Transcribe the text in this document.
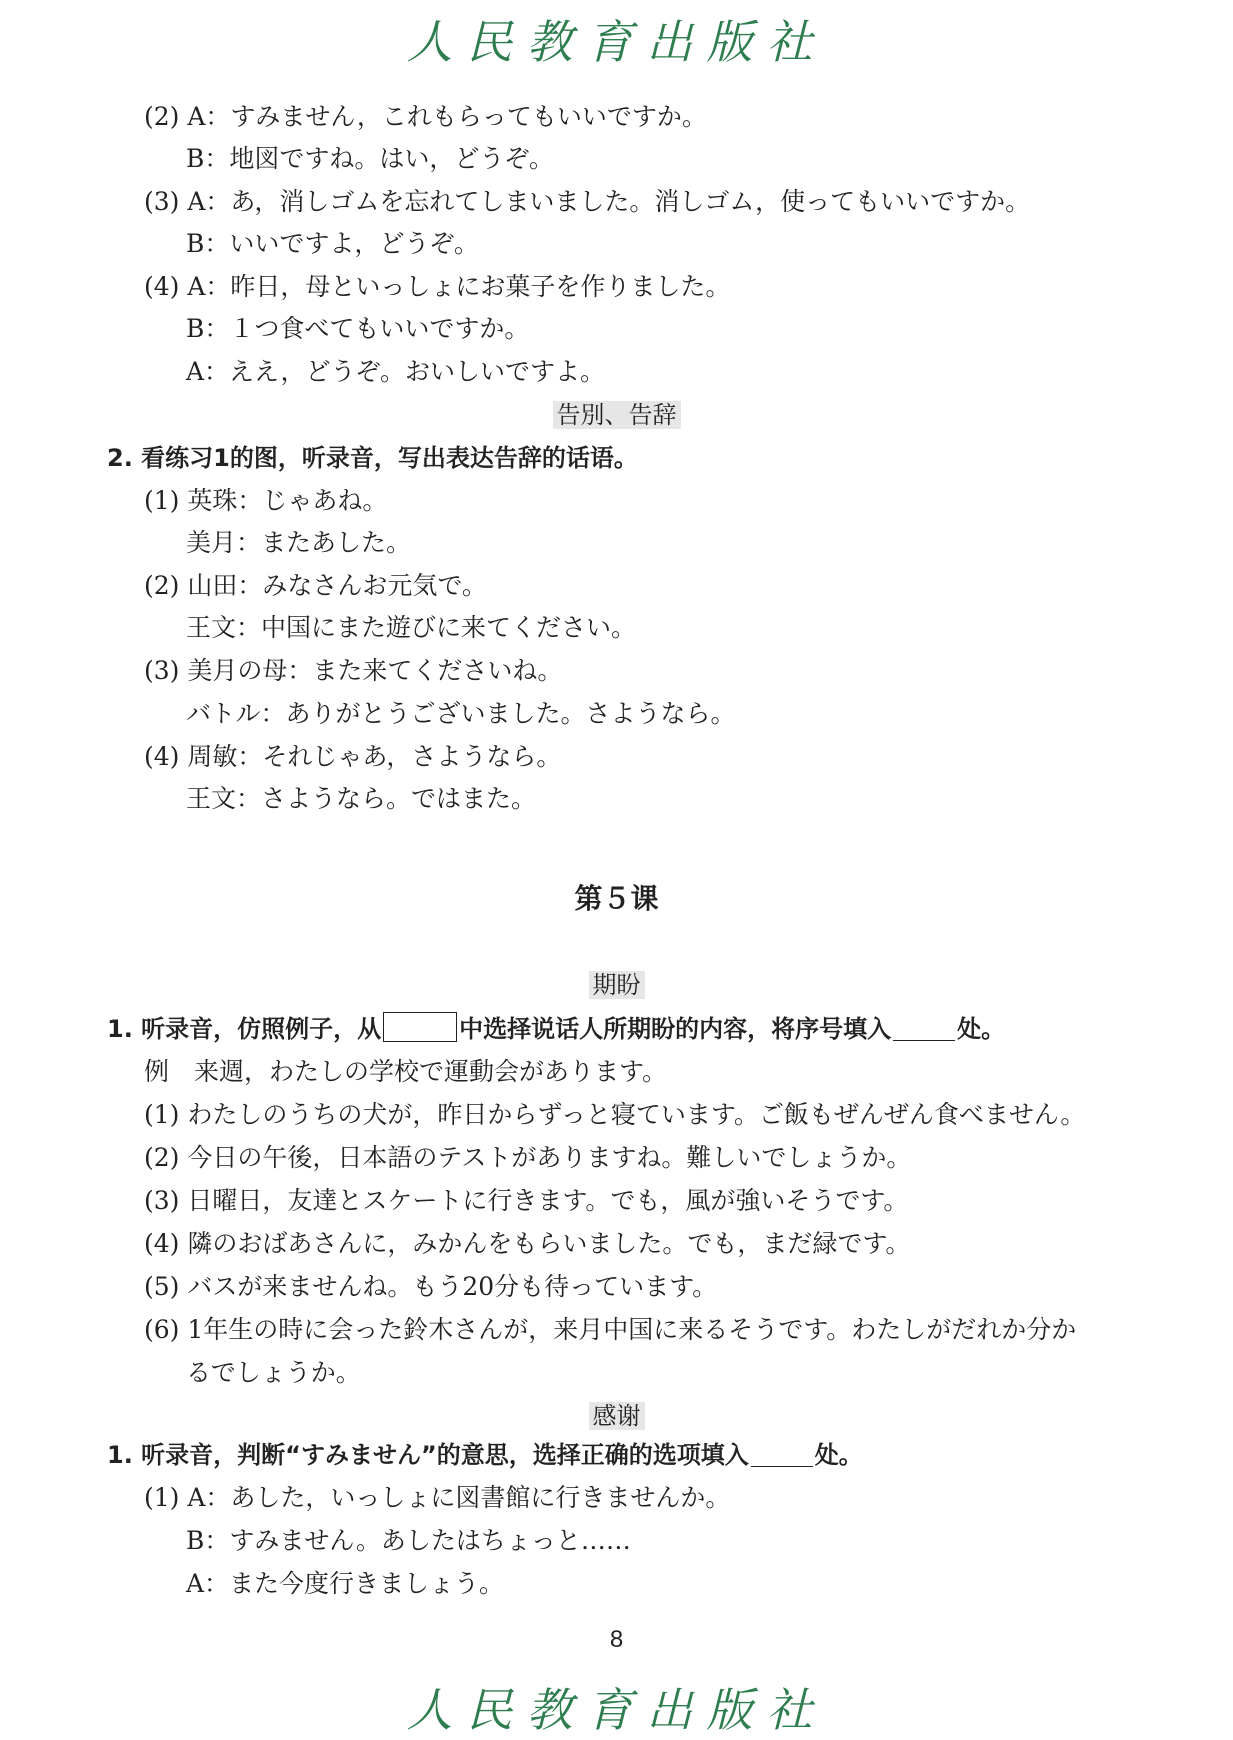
人民教育出版社
(2) A：すみません，これもらってもいいですか。
B：地図ですね。はい，どうぞ。
(3) A：あ，消しゴムを忘れてしまいました。消しゴム，使ってもいいですか。
B：いいですよ，どうぞ。
(4) A：昨日，母といっしょにお菓子を作りました。
B：１つ食べてもいいですか。
A：ええ，どうぞ。おいしいですよ。
告別、告辞
2. 看练习1的图，听录音，写出表达告辞的话语。
(1) 英珠：じゃあね。
美月：またあした。
(2) 山田：みなさんお元気で。
王文：中国にまた遊びに来てください。
(3) 美月の母：また来てくださいね。
バトル：ありがとうございました。さようなら。
(4) 周敏：それじゃあ，さようなら。
王文：さようなら。ではまた。
第５课
期盼
1. 听录音，仿照例子，从	中选择说话人所期盼的内容，将序号填入	处。
例　来週，わたしの学校で運動会があります。
(1) わたしのうちの犬が，昨日からずっと寝ています。ご飯もぜんぜん食べません。
(2) 今日の午後，日本語のテストがありますね。難しいでしょうか。
(3) 日曜日，友達とスケートに行きます。でも，風が強いそうです。
(4) 隣のおばあさんに，みかんをもらいました。でも，まだ緑です。
(5) バスが来ませんね。もう20分も待っています。
(6) 1年生の時に会った鈴木さんが，来月中国に来るそうです。わたしがだれか分か
るでしょうか。
感谢
1. 听录音，判断“すみません”的意思，选择正确的选项填入	处。
(1) A：あした，いっしょに図書館に行きませんか。
B：すみません。あしたはちょっと……
A：また今度行きましょう。
8
人民教育出版社
